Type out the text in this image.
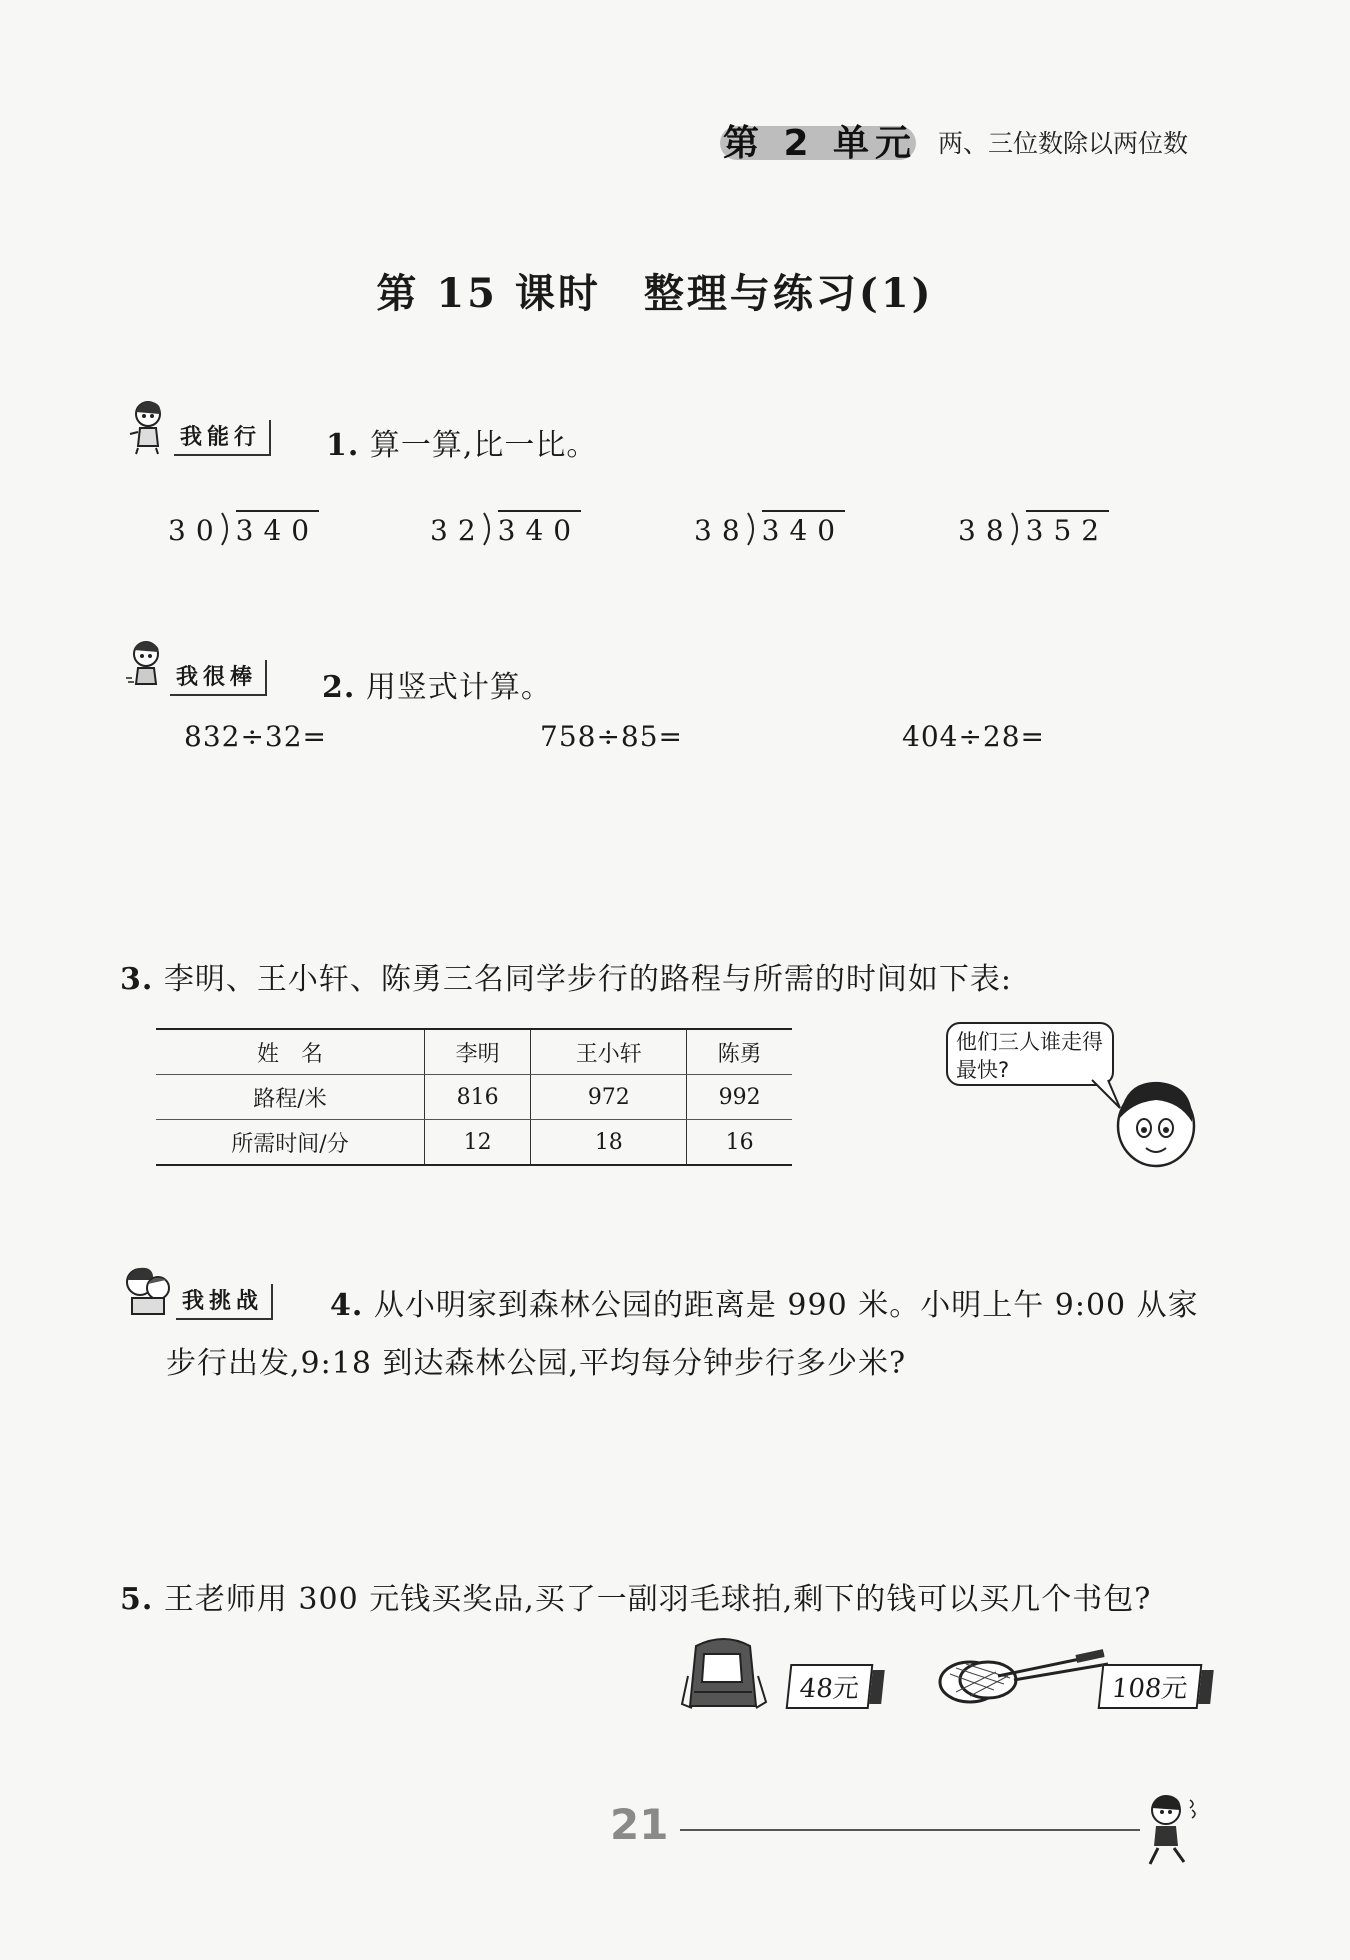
第 2 单元 两、三位数除以两位数
第 15 课时　整理与练习(1)
我能行	1. 算一算,比一比。
30 340	32 340	38 340	38 352
我很棒	2. 用竖式计算。
832÷32=	758÷85=	404÷28=
3. 李明、王小轩、陈勇三名同学步行的路程与所需的时间如下表:
姓　名	李明	王小轩	陈勇
路程/米	816	972	992
所需时间/分	12	18	16
他们三人谁走得最快?
我挑战	4. 从小明家到森林公园的距离是 990 米。小明上午 9:00 从家
步行出发,9:18 到达森林公园,平均每分钟步行多少米?
5. 王老师用 300 元钱买奖品,买了一副羽毛球拍,剩下的钱可以买几个书包?
48元	108元
21
